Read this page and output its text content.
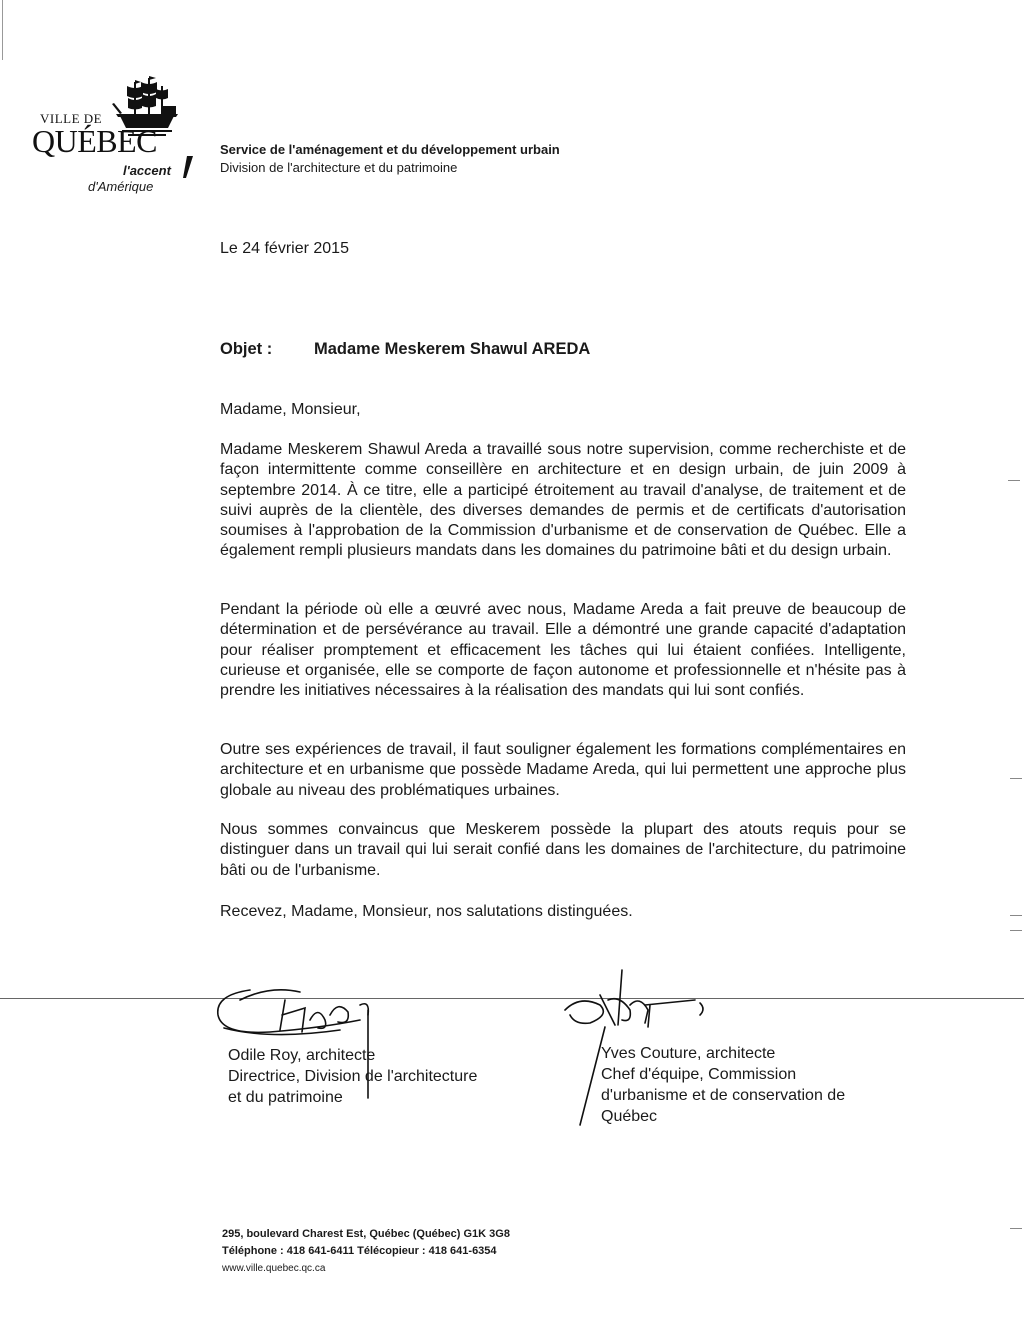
VILLE DE
QUÉBEC
l'accent
d'Amérique
Service de l'aménagement et du développement urbain
Division de l'architecture et du patrimoine
Le 24 février 2015
Objet :	Madame Meskerem Shawul AREDA
Madame, Monsieur,
Madame Meskerem Shawul Areda a travaillé sous notre supervision, comme recherchiste et de façon intermittente comme conseillère en architecture et en design urbain, de juin 2009 à septembre 2014. À ce titre, elle a participé étroitement au travail d'analyse, de traitement et de suivi auprès de la clientèle, des diverses demandes de permis et de certificats d'autorisation soumises à l'approbation de la Commission d'urbanisme et de conservation de Québec. Elle a également rempli plusieurs mandats dans les domaines du patrimoine bâti et du design urbain.
Pendant la période où elle a œuvré avec nous, Madame Areda a fait preuve de beaucoup de détermination et de persévérance au travail. Elle a démontré une grande capacité d'adaptation pour réaliser promptement et efficacement les tâches qui lui étaient confiées. Intelligente, curieuse et organisée, elle se comporte de façon autonome et professionnelle et n'hésite pas à prendre les initiatives nécessaires à la réalisation des mandats qui lui sont confiés.
Outre ses expériences de travail, il faut souligner également les formations complémentaires en architecture et en urbanisme que possède Madame Areda, qui lui permettent une approche plus globale au niveau des problématiques urbaines.
Nous sommes convaincus que Meskerem possède la plupart des atouts requis pour se distinguer dans un travail qui lui serait confié dans les domaines de l'architecture, du patrimoine bâti ou de l'urbanisme.
Recevez, Madame, Monsieur, nos salutations distinguées.
Odile Roy, architecte
Directrice, Division de l'architecture
et du patrimoine
Yves Couture, architecte
Chef d'équipe, Commission
d'urbanisme et de conservation de
Québec
295, boulevard Charest Est, Québec (Québec) G1K 3G8
Téléphone : 418 641-6411 Télécopieur : 418 641-6354
www.ville.quebec.qc.ca
